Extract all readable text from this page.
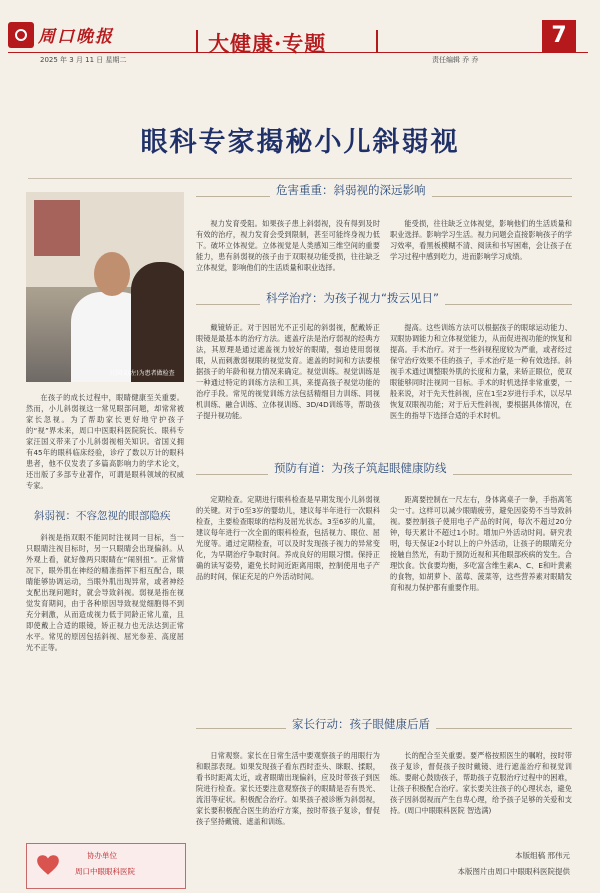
周口晚报
2025 年 3 月 11 日 星期二
大健康·专题
责任编辑 乔 乔
7
眼科专家揭秘小儿斜弱视
汪国义(左)为患者做检查

在孩子的成长过程中，眼睛健康至关重要。然而，小儿斜弱视这一常见眼部问题，却常常被家长忽视。为了帮助家长更好地守护孩子的“视”界未来，周口中医眼科医院院长、眼科专家汪国义带来了小儿斜弱视相关知识。省国义拥有45年的眼科临床经验，诊疗了数以万计的眼科患者，他不仅发表了多篇高影响力的学术论文，还出版了多部专业著作，可谓是眼科领域的权威专家。

斜弱视：不容忽视的眼部隐疾

斜视是指双眼不能同时注视同一目标，当一只眼睛注视目标时，另一只眼睛会出现偏斜。从外观上看，就好像两只眼睛在“闹别扭”。正常情况下，眼外肌在神经的精准指挥下相互配合，眼睛能够协调运动，当眼外肌出现异常，或者神经支配出现问题时，就会导致斜视。弱视是指在视觉发育期间，由于各种原因导致视觉细胞得不到充分刺激，从而造成视力低于同龄正常儿童，且即使戴上合适的眼镜，矫正视力也无法达到正常水平。常见的原因包括斜视、屈光参差、高度屈光不正等。

协办单位
周口中眼眼科医院
危害重重：斜弱视的深远影响

视力发育受阻。如果孩子患上斜弱视，没有得到及时有效的治疗，视力发育会受到限制，甚至可能终身视力低下。破坏立体视觉。立体视觉是人类感知三维空间的重要能力，患有斜弱视的孩子由于双眼视功能受损，往往缺乏立体视觉，影响他们的生活质量和职业选择。

能受损，往往缺乏立体视觉，影响他们的生活质量和职业选择。影响学习生活。视力问题会直接影响孩子的学习效率，看黑板模糊不清、阅读和书写困难，会让孩子在学习过程中感到吃力，进而影响学习成绩。

科学治疗：为孩子视力“拨云见日”

戴镜矫正。对于因屈光不正引起的斜弱视，配戴矫正眼镜是最基本的治疗方法。遮盖疗法是治疗弱视的经典方法，其原理是通过遮盖视力较好的眼睛，强迫使用弱视眼，从而刺激弱视眼的视觉发育。遮盖的时间和方法要根据孩子的年龄和视力情况来确定。视觉训练。视觉训练是一种通过特定的训练方法和工具，来提高孩子视觉功能的治疗手段。常见的视觉训练方法包括精细目力训练、同视机训练、融合训练、立体视训练、3D/4D训练等，帮助孩子提升视功能。

提高。这些训练方法可以根据孩子的眼球运动能力、双眼协调能力和立体视觉能力，从而促进视功能的恢复和提高。手术治疗。对于一些斜视程度较为严重，或者经过保守治疗效果不佳的孩子，手术治疗是一种有效选择。斜视手术通过调整眼外肌的长度和力量，来矫正眼位，使双眼能够同时注视同一目标。手术的时机选择非常重要，一般来说，对于先天性斜视，应在1至2岁进行手术，以尽早恢复双眼视功能；对于后天性斜视，要根据具体情况，在医生的指导下选择合适的手术时机。

预防有道：为孩子筑起眼健康防线

定期检查。定期进行眼科检查是早期发现小儿斜弱视的关键。对于0至3岁的婴幼儿，建议每半年进行一次眼科检查，主要检查眼球的结构及屈光状态。3至6岁的儿童，建议每年进行一次全面的眼科检查，包括视力、眼位、屈光度等。通过定期检查，可以及时发现孩子视力的异常变化，为早期治疗争取时间。养成良好的用眼习惯。保持正确的读写姿势，避免长时间近距离用眼，控制使用电子产品的时间，保证充足的户外活动时间。

距离要控制在一尺左右，身体离桌子一拳，手指离笔尖一寸。这样可以减少眼睛疲劳，避免因姿势不当导致斜视。要控制孩子使用电子产品的时间，每次不超过20分钟，每天累计不超过1小时。增加户外活动时间。研究表明，每天保证2小时以上的户外活动，让孩子的眼睛充分接触自然光，有助于预防近视和其他眼部疾病的发生。合理饮食。饮食要均衡，多吃富含维生素A、C、E和叶黄素的食物，如胡萝卜、蓝莓、菠菜等，这些营养素对眼睛发育和视力保护都有重要作用。

家长行动：孩子眼健康后盾

日常观察。家长在日常生活中要观察孩子的用眼行为和眼部表现。如果发现孩子看东西时歪头、眯眼、揉眼，看书时距离太近，或者眼睛出现偏斜，应及时带孩子到医院进行检查。家长还要注意观察孩子的眼睛是否有畏光、流泪等症状。积极配合治疗。如果孩子被诊断为斜弱视，家长要积极配合医生的治疗方案，按时带孩子复诊，督促孩子坚持戴镜、遮盖和训练。

长的配合至关重要。要严格按照医生的嘱咐，按时带孩子复诊，督促孩子按时戴镜、进行遮盖治疗和视觉训练。要耐心鼓励孩子，帮助孩子克服治疗过程中的困难，让孩子积极配合治疗。家长要关注孩子的心理状态，避免孩子因斜弱视而产生自卑心理，给予孩子足够的关爱和支持。(周口中眼眼科医院 智选满)

本版组稿 邢伟元
本版图片由周口中眼眼科医院提供
